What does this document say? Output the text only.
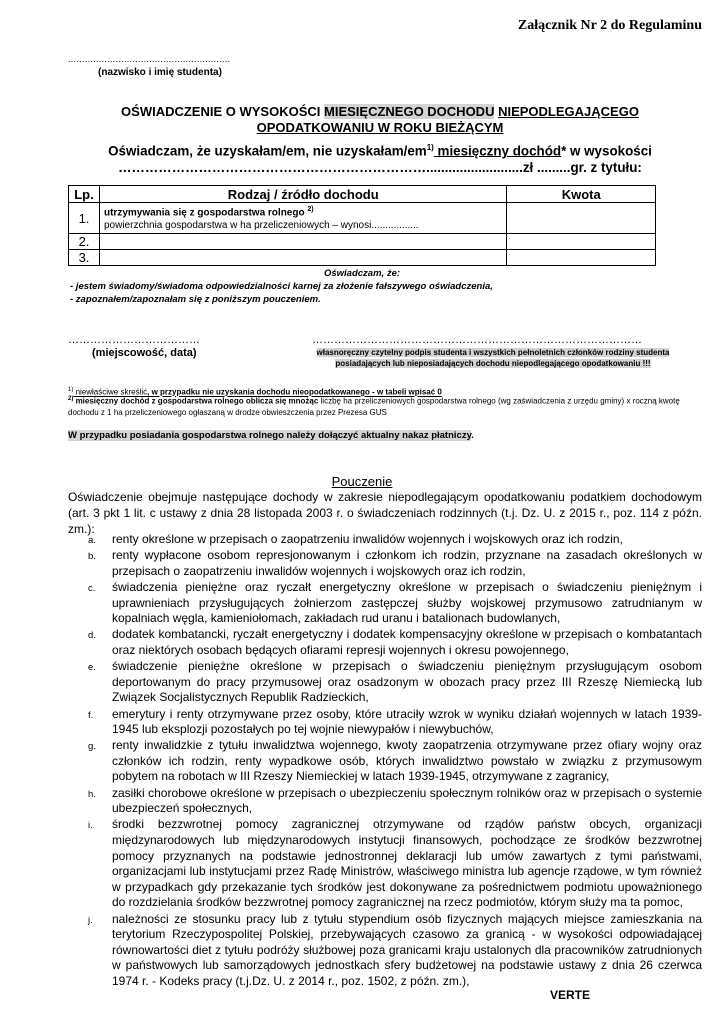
Załącznik Nr 2 do Regulaminu
..........................................................
(nazwisko i imię studenta)
OŚWIADCZENIE O WYSOKOŚCI MIESIĘCZNEGO DOCHODU NIEPODLEGAJĄCEGO
OPODATKOWANIU W ROKU BIEŻĄCYM
Oświadczam, że uzyskałam/em, nie uzyskałam/$em^{1)}$ miesięczny dochód* w wysokości
……………………………………………………………..........................zł .........gr. z tytułu:
Lp.	Rodzaj / źródło dochodu	Kwota
1.	utrzymywania się z gospodarstwa rolnego $^{2)}$
powierzchnia gospodarstwa w ha przeliczeniowych – wynosi.................	
2.		
3.		
Oświadczam, że:
- jestem świadomy/świadoma odpowiedzialności karnej za złożenie fałszywego oświadczenia,
- zapoznałem/zapoznałam się z poniższym pouczeniem.
………………………………
(miejscowość, data)
………………………………………………………………………………
własnoręczny czytelny podpis studenta i wszystkich pełnoletnich członków rodziny studenta
posiadających lub nieposiadających dochodu niepodlegającego opodatkowaniu !!!
$^{1)}$ niewłaściwe skreślić, w przypadku nie uzyskania dochodu nieopodatkowanego - w tabeli wpisać 0
$^{2)}$ miesięczny dochód z gospodarstwa rolnego oblicza się mnożąc liczbę ha przeliczeniowych gospodarstwa rolnego (wg zaświadczenia z urzędu gminy) x roczną kwotę dochodu z 1 ha przeliczeniowego ogłaszaną w drodze obwieszczenia przez Prezesa GUS
W przypadku posiadania gospodarstwa rolnego należy dołączyć aktualny nakaz płatniczy.
Pouczenie
Oświadczenie obejmuje następujące dochody w zakresie niepodlegającym opodatkowaniu podatkiem dochodowym (art. 3 pkt 1 lit. c ustawy z dnia 28 listopada 2003 r. o świadczeniach rodzinnych (t.j. Dz. U. z 2015 r., poz. 114 z późn. zm.):
a. renty określone w przepisach o zaopatrzeniu inwalidów wojennych i wojskowych oraz ich rodzin,
b. renty wypłacone osobom represjonowanym i członkom ich rodzin, przyznane na zasadach określonych w przepisach o zaopatrzeniu inwalidów wojennych i wojskowych oraz ich rodzin,
c. świadczenia pieniężne oraz ryczałt energetyczny określone w przepisach o świadczeniu pieniężnym i uprawnieniach przysługujących żołnierzom zastępczej służby wojskowej przymusowo zatrudnianym w kopalniach węgla, kamieniołomach, zakładach rud uranu i batalionach budowlanych,
d. dodatek kombatancki, ryczałt energetyczny i dodatek kompensacyjny określone w przepisach o kombatantach oraz niektórych osobach będących ofiarami represji wojennych i okresu powojennego,
e. świadczenie pieniężne określone w przepisach o świadczeniu pieniężnym przysługującym osobom deportowanym do pracy przymusowej oraz osadzonym w obozach pracy przez III Rzeszę Niemiecką lub Związek Socjalistycznych Republik Radzieckich,
f. emerytury i renty otrzymywane przez osoby, które utraciły wzrok w wyniku działań wojennych w latach 1939-1945 lub eksplozji pozostałych po tej wojnie niewypałów i niewybuchów,
g. renty inwalidzkie z tytułu inwalidztwa wojennego, kwoty zaopatrzenia otrzymywane przez ofiary wojny oraz członków ich rodzin, renty wypadkowe osób, których inwalidztwo powstało w związku z przymusowym pobytem na robotach w III Rzeszy Niemieckiej w latach 1939-1945, otrzymywane z zagranicy,
h. zasiłki chorobowe określone w przepisach o ubezpieczeniu społecznym rolników oraz w przepisach o systemie ubezpieczeń społecznych,
i. środki bezzwrotnej pomocy zagranicznej otrzymywane od rządów państw obcych, organizacji międzynarodowych lub międzynarodowych instytucji finansowych, pochodzące ze środków bezzwrotnej pomocy przyznanych na podstawie jednostronnej deklaracji lub umów zawartych z tymi państwami, organizacjami lub instytucjami przez Radę Ministrów, właściwego ministra lub agencje rządowe, w tym również w przypadkach gdy przekazanie tych środków jest dokonywane za pośrednictwem podmiotu upoważnionego do rozdzielania środków bezzwrotnej pomocy zagranicznej na rzecz podmiotów, którym służy ma ta pomoc,
j. należności ze stosunku pracy lub z tytułu stypendium osób fizycznych mających miejsce zamieszkania na terytorium Rzeczypospolitej Polskiej, przebywających czasowo za granicą - w wysokości odpowiadającej równowartości diet z tytułu podróży służbowej poza granicami kraju ustalonych dla pracowników zatrudnionych w państwowych lub samorządowych jednostkach sfery budżetowej na podstawie ustawy z dnia 26 czerwca 1974 r. - Kodeks pracy (t.j.Dz. U. z 2014 r., poz. 1502, z późn. zm.),
VERTE
